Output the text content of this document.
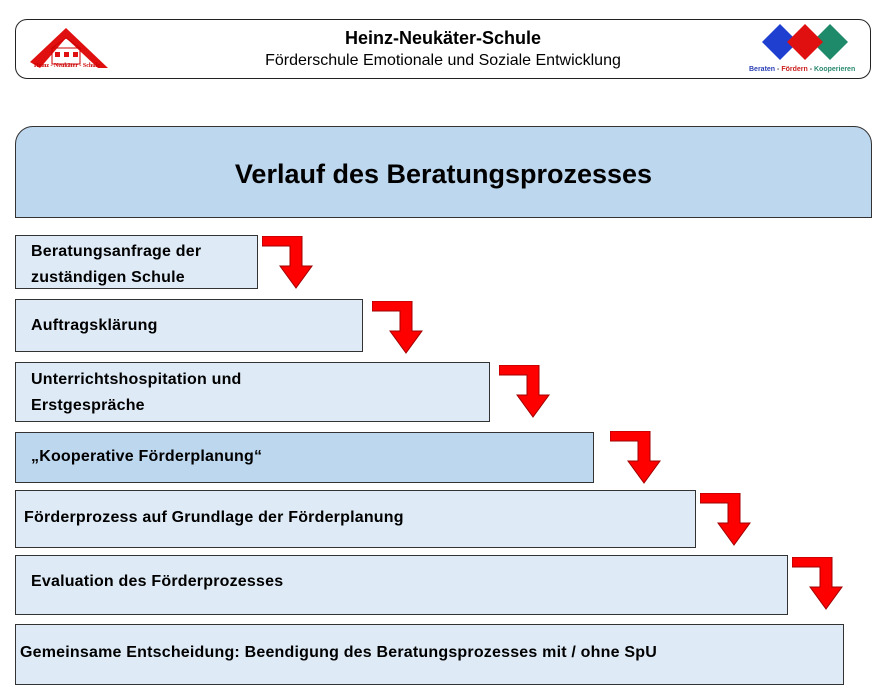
Heinz - Neukäter - Schule
Heinz-Neukäter-Schule
Förderschule Emotionale und Soziale Entwicklung
Beraten - Fördern - Kooperieren
Verlauf des Beratungsprozesses
Beratungsanfrage der
zuständigen Schule
Auftragsklärung
Unterrichtshospitation und
Erstgespräche
„Kooperative Förderplanung“
Förderprozess auf Grundlage der Förderplanung
Evaluation des Förderprozesses
Gemeinsame Entscheidung: Beendigung des Beratungsprozesses mit / ohne SpU
